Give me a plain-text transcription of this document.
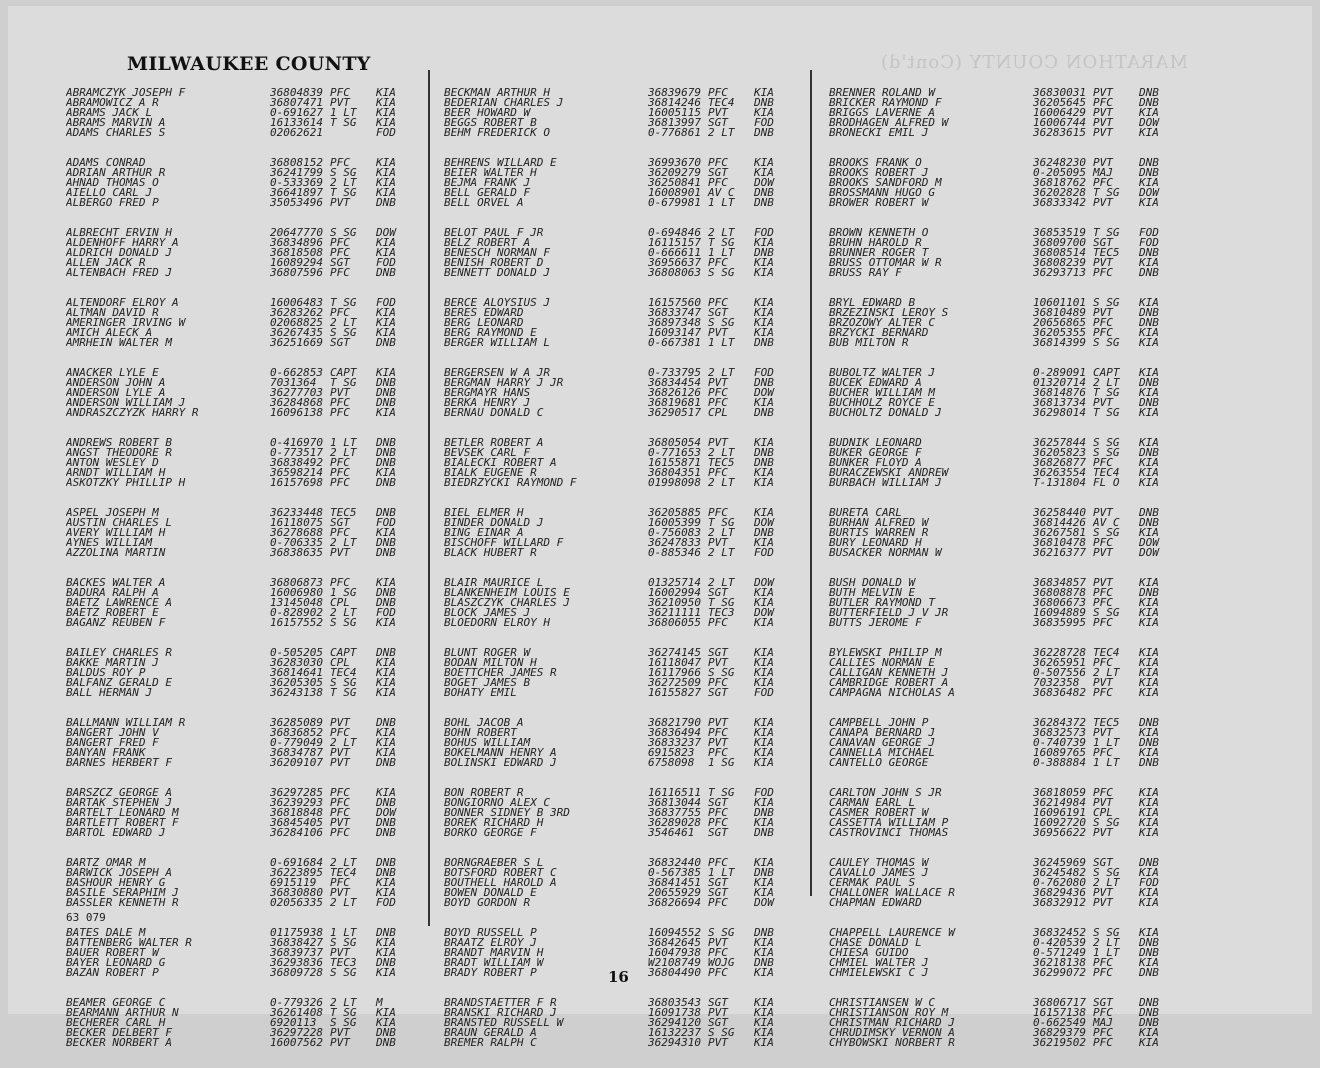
MARATHON COUNTY (Cont'd)
MILWAUKEE COUNTY
ABRAMCZYK JOSEPH F	36804839 PFC	KIA
ABRAMOWICZ A R	36807471 PVT	KIA
ABRAMS JACK L	0-691627 1 LT	KIA
ABRAMS MARVIN A	16133614 T SG	KIA
ADAMS CHARLES S	02062621	FOD
ADAMS CONRAD	36808152 PFC	KIA
ADRIAN ARTHUR R	36241799 S SG	KIA
AHNAD THOMAS O	0-533369 2 LT	KIA
AIELLO CARL J	36641897 T SG	KIA
ALBERGO FRED P	35053496 PVT	DNB
ALBRECHT ERVIN H	20647770 S SG	DOW
ALDENHOFF HARRY A	36834896 PFC	KIA
ALDRICH DONALD J	36818508 PFC	KIA
ALLEN JACK R	16089294 SGT	FOD
ALTENBACH FRED J	36807596 PFC	DNB
ALTENDORF ELROY A	16006483 T SG	FOD
ALTMAN DAVID R	36283262 PFC	KIA
AMERINGER IRVING W	02068825 2 LT	KIA
AMICH ALECK A	36267435 S SG	KIA
AMRHEIN WALTER M	36251669 SGT	DNB
ANACKER LYLE E	0-662853 CAPT	KIA
ANDERSON JOHN A	7031364	T SG	DNB
ANDERSON LYLE A	36277703 PVT	DNB
ANDERSON WILLIAM J	36284868 PFC	DNB
ANDRASZCZYZK HARRY R	16096138 PFC	KIA
ANDREWS ROBERT B	0-416970 1 LT	DNB
ANGST THEODORE R	0-773517 2 LT	DNB
ANTON WESLEY D	36838492 PFC	DNB
ARNDT WILLIAM H	36598214 PFC	KIA
ASKOTZKY PHILLIP H	16157698 PFC	DNB
ASPEL JOSEPH M	36233448 TEC5	DNB
AUSTIN CHARLES L	16118075 SGT	FOD
AVERY WILLIAM H	36278688 PFC	KIA
AYNES WILLIAM	0-706335 2 LT	DNB
AZZOLINA MARTIN	36838635 PVT	DNB
BACKES WALTER A	36806873 PFC	KIA
BADURA RALPH A	16006980 1 SG	DNB
BAETZ LAWRENCE A	13145048 CPL	DNB
BAETZ ROBERT E	0-828902 2 LT	FOD
BAGANZ REUBEN F	16157552 S SG	KIA
BAILEY CHARLES R	0-505205 CAPT	DNB
BAKKE MARTIN J	36283030 CPL	KIA
BALDUS ROY P	36814641 TEC4	KIA
BALFANZ GERALD E	36205305 S SG	KIA
BALL HERMAN J	36243138 T SG	KIA
BALLMANN WILLIAM R	36285089 PVT	DNB
BANGERT JOHN V	36836852 PFC	KIA
BANGERT FRED F	0-779049 2 LT	KIA
BANYAN FRANK	36834787 PVT	KIA
BARNES HERBERT F	36209107 PVT	DNB
BARSZCZ GEORGE A	36297285 PFC	KIA
BARTAK STEPHEN J	36239293 PFC	DNB
BARTELT LEONARD M	36818848 PFC	DOW
BARTLETT ROBERT F	36845405 PVT	DNB
BARTOL EDWARD J	36284106 PFC	DNB
BARTZ OMAR M	0-691684 2 LT	DNB
BARWICK JOSEPH A	36223895 TEC4	DNB
BASHOUR HENRY G	6915119	PFC	KIA
BASILE SERAPHIM J	36830880 PVT	KIA
BASSLER KENNETH R	02056335 2 LT	FOD
BATES DALE M	01175938 1 LT	DNB
BATTENBERG WALTER R	36838427 S SG	KIA
BAUER ROBERT W	36839737 PVT	KIA
BAYER LEONARD G	36293836 TEC3	DNB
BAZAN ROBERT P	36809728 S SG	KIA
BEAMER GEORGE C	0-779326 2 LT	M
BEARMANN ARTHUR N	36261408 T SG	KIA
BECHERER CARL H	6920113	S SG	KIA
BECKER DELBERT F	36297228 PVT	DNB
BECKER NORBERT A	16007562 PVT	DNB
BECKMAN ARTHUR H	36839679 PFC	KIA
BEDERIAN CHARLES J	36814246 TEC4	DNB
BEER HOWARD W	16005115 PVT	KIA
BEGGS ROBERT B	36813997 SGT	FOD
BEHM FREDERICK O	0-776861 2 LT	DNB
BEHRENS WILLARD E	36993670 PFC	KIA
BEIER WALTER H	36209279 SGT	KIA
BEJMA FRANK J	36250841 PFC	DOW
BELL GERALD F	16008901 AV C	DNB
BELL ORVEL A	0-679981 1 LT	DNB
BELOT PAUL F JR	0-694846 2 LT	FOD
BELZ ROBERT A	16115157 T SG	KIA
BENESCH NORMAN F	0-666611 1 LT	DNB
BENISH ROBERT D	36956637 PFC	KIA
BENNETT DONALD J	36808063 S SG	KIA
BERCE ALOYSIUS J	16157560 PFC	KIA
BERES EDWARD	36833747 SGT	KIA
BERG LEONARD	36897348 S SG	KIA
BERG RAYMOND E	16093147 PVT	KIA
BERGER WILLIAM L	0-667381 1 LT	DNB
BERGERSEN W A JR	0-733795 2 LT	FOD
BERGMAN HARRY J JR	36834454 PVT	DNB
BERGMAYR HANS	36826126 PFC	DOW
BERKA HENRY J	36819681 PFC	KIA
BERNAU DONALD C	36290517 CPL	DNB
BETLER ROBERT A	36805054 PVT	KIA
BEVSEK CARL F	0-771653 2 LT	DNB
BIALECKI ROBERT A	16155871 TEC5	DNB
BIALK EUGENE R	36804351 PFC	KIA
BIEDRZYCKI RAYMOND F	01998098 2 LT	KIA
BIEL ELMER H	36205885 PFC	KIA
BINDER DONALD J	16005399 T SG	DOW
BING EINAR A	0-756083 2 LT	DNB
BISCHOFF WILLARD F	36247833 PVT	KIA
BLACK HUBERT R	0-885346 2 LT	FOD
BLAIR MAURICE L	01325714 2 LT	DOW
BLANKENHEIM LOUIS E	16002994 SGT	KIA
BLASZCZYK CHARLES J	36210950 T SG	KIA
BLOCK JAMES J	36211111 TEC3	DOW
BLOEDORN ELROY H	36806055 PFC	KIA
BLUNT ROGER W	36274145 SGT	KIA
BODAN MILTON H	16118047 PVT	KIA
BOETTCHER JAMES R	16117966 S SG	KIA
BOGET JAMES B	36272509 PFC	KIA
BOHATY EMIL	16155827 SGT	FOD
BOHL JACOB A	36821790 PVT	KIA
BOHN ROBERT	36836494 PFC	KIA
BOHUS WILLIAM	36833237 PVT	KIA
BOKELMANN HENRY A	6915823	PFC	KIA
BOLINSKI EDWARD J	6758098	1 SG	KIA
BON ROBERT R	16116511 T SG	FOD
BONGIORNO ALEX C	36813044 SGT	KIA
BONNER SIDNEY B 3RD	36837755 PFC	DNB
BOREK RICHARD H	36289028 PFC	KIA
BORKO GEORGE F	3546461	SGT	DNB
BORNGRAEBER S L	36832440 PFC	KIA
BOTSFORD ROBERT C	0-567385 1 LT	DNB
BOUTHELL HAROLD A	36841451 SGT	KIA
BOWEN DONALD E	20655929 SGT	KIA
BOYD GORDON R	36826694 PFC	DOW
BOYD RUSSELL P	16094552 S SG	DNB
BRAATZ ELROY J	36842645 PVT	KIA
BRANDT MARVIN H	16047938 PFC	KIA
BRADT WILLIAM W	W2108749 WOJG	DNB
BRADY ROBERT P	36804490 PFC	KIA
BRANDSTAETTER F R	36803543 SGT	KIA
BRANSKI RICHARD J	16091738 PVT	KIA
BRANSTED RUSSELL W	36294120 SGT	KIA
BRAUN GERALD A	16132237 S SG	KIA
BREMER RALPH C	36294310 PVT	KIA
BRENNER ROLAND W	36830031 PVT	DNB
BRICKER RAYMOND F	36205645 PFC	DNB
BRIGGS LAVERNE A	16006429 PVT	KIA
BRODHAGEN ALFRED W	16006744 PVT	DOW
BRONECKI EMIL J	36283615 PVT	KIA
BROOKS FRANK O	36248230 PVT	DNB
BROOKS ROBERT J	0-205095 MAJ	DNB
BROOKS SANDFORD M	36818762 PFC	KIA
BROSSMANN HUGO G	36202828 T SG	DOW
BROWER ROBERT W	36833342 PVT	KIA
BROWN KENNETH O	36853519 T SG	FOD
BRUHN HAROLD R	36809700 SGT	FOD
BRUNNER ROGER T	36808514 TEC5	DNB
BRUSS OTTOMAR W R	36808239 PVT	KIA
BRUSS RAY F	36293713 PFC	DNB
BRYL EDWARD B	10601101 S SG	KIA
BRZEZINSKI LEROY S	36810489 PVT	DNB
BRZOZOWY ALTER C	20656865 PFC	DNB
BRZYCKI BERNARD	36205355 PFC	KIA
BUB MILTON R	36814399 S SG	KIA
BUBOLTZ WALTER J	0-289091 CAPT	KIA
BUCEK EDWARD A	01320714 2 LT	DNB
BUCHER WILLIAM M	36814876 T SG	KIA
BUCHHOLZ ROYCE E	36813734 PVT	DNB
BUCHOLTZ DONALD J	36298014 T SG	KIA
BUDNIK LEONARD	36257844 S SG	KIA
BUKER GEORGE F	36205823 S SG	DNB
BUNKER FLOYD A	36826877 PFC	KIA
BURACZEWSKI ANDREW	36263554 TEC4	KIA
BURBACH WILLIAM J	T-131804 FL O	KIA
BURETA CARL	36258440 PVT	DNB
BURHAN ALFRED W	36814426 AV C	DNB
BURTIS WARREN R	36267581 S SG	KIA
BURY LEONARD H	36810478 PFC	DOW
BUSACKER NORMAN W	36216377 PVT	DOW
BUSH DONALD W	36834857 PVT	KIA
BUTH MELVIN E	36808878 PFC	DNB
BUTLER RAYMOND T	36806673 PFC	KIA
BUTTERFIELD J V JR	16094889 S SG	KIA
BUTTS JEROME F	36835995 PFC	KIA
BYLEWSKI PHILIP M	36228728 TEC4	KIA
CALLIES NORMAN E	36265951 PFC	KIA
CALLIGAN KENNETH J	0-507556 2 LT	KIA
CAMBRIDGE ROBERT A	7032358	PVT	KIA
CAMPAGNA NICHOLAS A	36836482 PFC	KIA
CAMPBELL JOHN P	36284372 TEC5	DNB
CANAPA BERNARD J	36832573 PVT	KIA
CANAVAN GEORGE J	0-740739 1 LT	DNB
CANNELLA MICHAEL	16089765 PFC	KIA
CANTELLO GEORGE	0-388884 1 LT	DNB
CARLTON JOHN S JR	36818059 PFC	KIA
CARMAN EARL L	36214984 PVT	KIA
CASMER ROBERT W	16096191 CPL	KIA
CASSETTA WILLIAM P	16092720 S SG	KIA
CASTROVINCI THOMAS	36956622 PVT	KIA
CAULEY THOMAS W	36245969 SGT	DNB
CAVALLO JAMES J	36245482 S SG	KIA
CERMAK PAUL S	0-762080 2 LT	FOD
CHALLONER WALLACE R	36829436 PVT	KIA
CHAPMAN EDWARD	36832912 PVT	KIA
CHAPPELL LAURENCE W	36832452 S SG	KIA
CHASE DONALD L	0-420539 2 LT	DNB
CHIESA GUIDO	0-571249 1 LT	DNB
CHMIEL WALTER J	36218138 PFC	KIA
CHMIELEWSKI C J	36299072 PFC	DNB
CHRISTIANSEN W C	36806717 SGT	DNB
CHRISTIANSON ROY M	16157138 PFC	DNB
CHRISTMAN RICHARD J	0-662549 MAJ	DNB
CHRUDIMSKY VERNON A	36829379 PFC	KIA
CHYBOWSKI NORBERT R	36219502 PFC	KIA
63 079
16
